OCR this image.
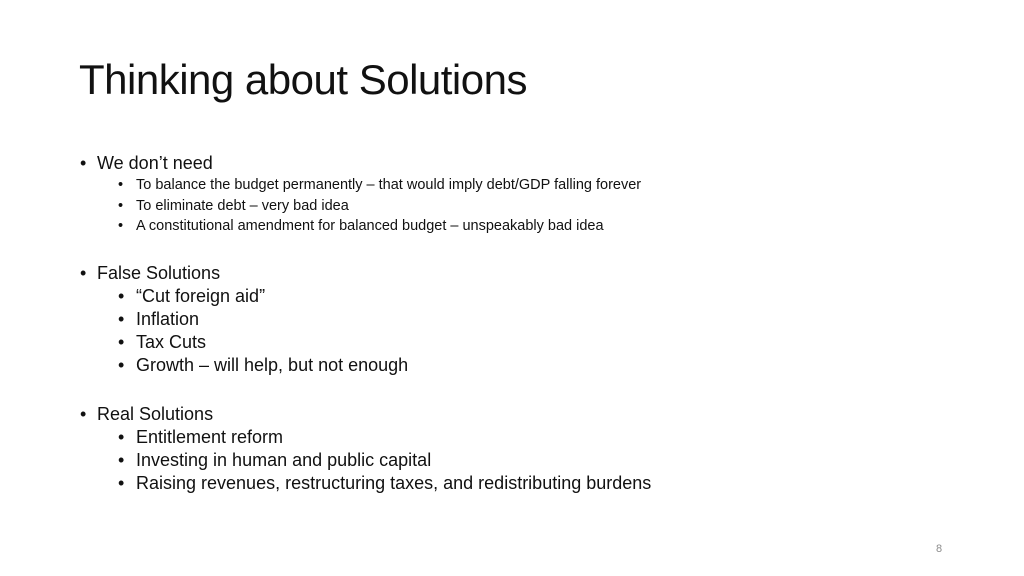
Thinking about Solutions
• We don’t need
• To balance the budget permanently – that would imply debt/GDP falling forever
• To eliminate debt – very bad idea
• A constitutional amendment for balanced budget – unspeakably bad idea
• False Solutions
• “Cut foreign aid”
• Inflation
• Tax Cuts
• Growth – will help, but not enough
• Real Solutions
• Entitlement reform
• Investing in human and public capital
• Raising revenues, restructuring taxes, and redistributing burdens
8
